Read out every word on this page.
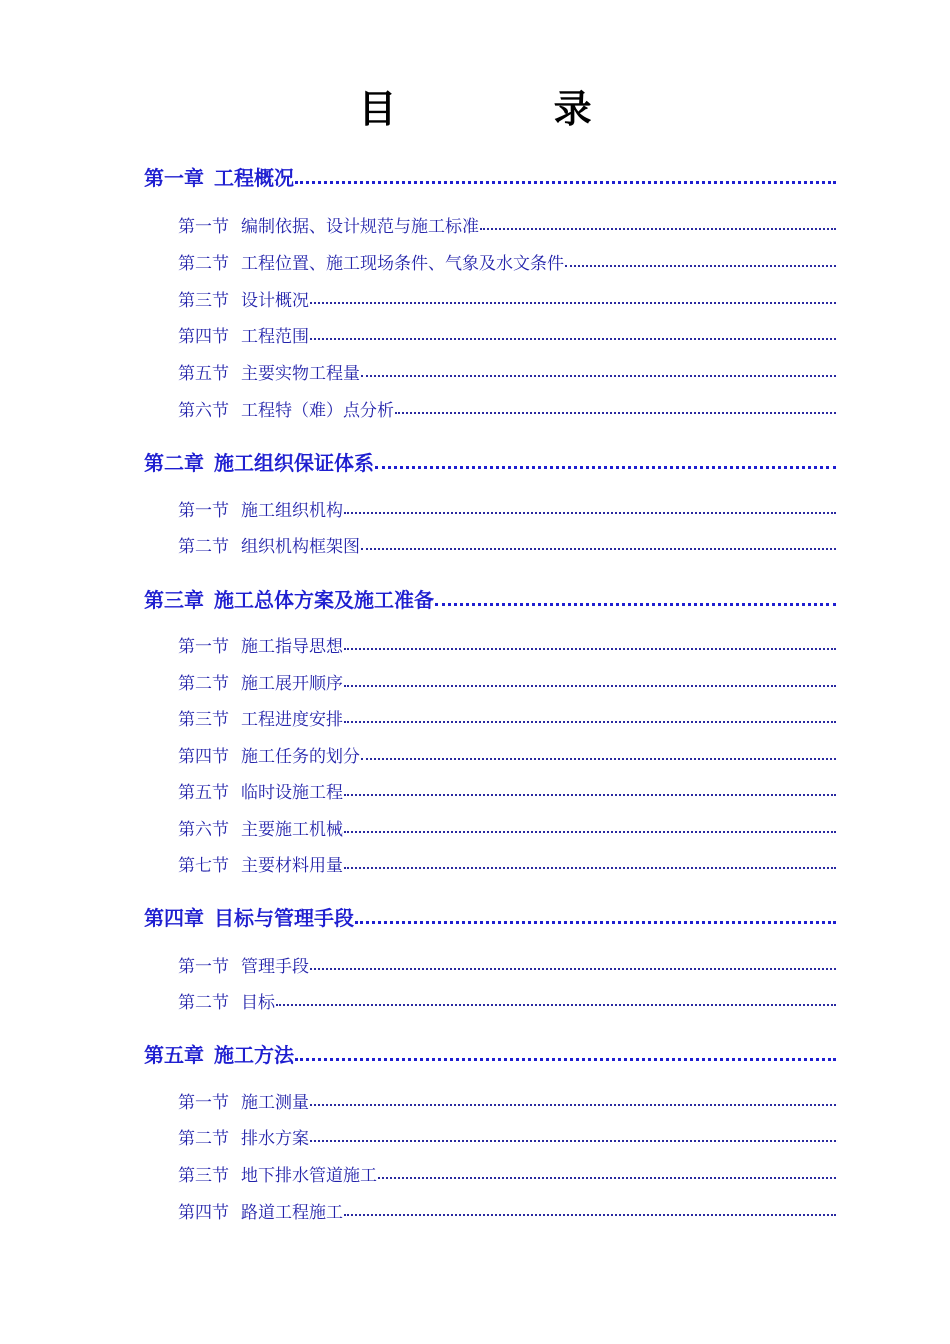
目 录
第一章 工程概况
第一节 编制依据、设计规范与施工标准
第二节 工程位置、施工现场条件、气象及水文条件
第三节 设计概况
第四节 工程范围
第五节 主要实物工程量
第六节 工程特（难）点分析
第二章 施工组织保证体系
第一节 施工组织机构
第二节 组织机构框架图
第三章 施工总体方案及施工准备
第一节 施工指导思想
第二节 施工展开顺序
第三节 工程进度安排
第四节 施工任务的划分
第五节 临时设施工程
第六节 主要施工机械
第七节 主要材料用量
第四章 目标与管理手段
第一节 管理手段
第二节 目标
第五章 施工方法
第一节 施工测量
第二节 排水方案
第三节 地下排水管道施工
第四节 路道工程施工
